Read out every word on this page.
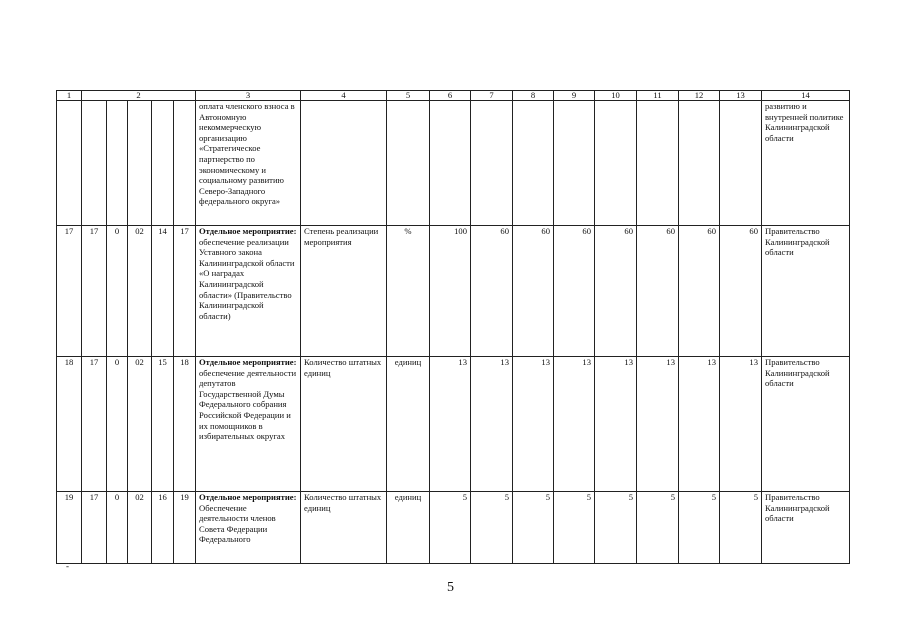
1	2					3	4	5	6	7	8	9	10	11	12	13	14
						оплата членского взноса в Автономную некоммерческую организацию «Стратегическое партнерство по экономическому и социальному развитию Северо-Западного федерального округа»											развитию и внутренней политике Калининградской области
17	17	0	02	14	17	Отдельное мероприятие: обеспечение реализации Уставного закона Калининградской области «О наградах Калининградской области» (Правительство Калининградской области)	Степень реализации мероприятия	%	100	60	60	60	60	60	60	60	Правительство Калининградской области
18	17	0	02	15	18	Отдельное мероприятие: обеспечение деятельности депутатов Государственной Думы Федерального собрания Российской Федерации и их помощников в избирательных округах	Количество штатных единиц	единиц	13	13	13	13	13	13	13	13	Правительство Калининградской области
19	17	0	02	16	19	Отдельное мероприятие: Обеспечение деятельности членов Совета Федерации Федерального	Количество штатных единиц	единиц	5	5	5	5	5	5	5	5	Правительство Калининградской области
-
5
